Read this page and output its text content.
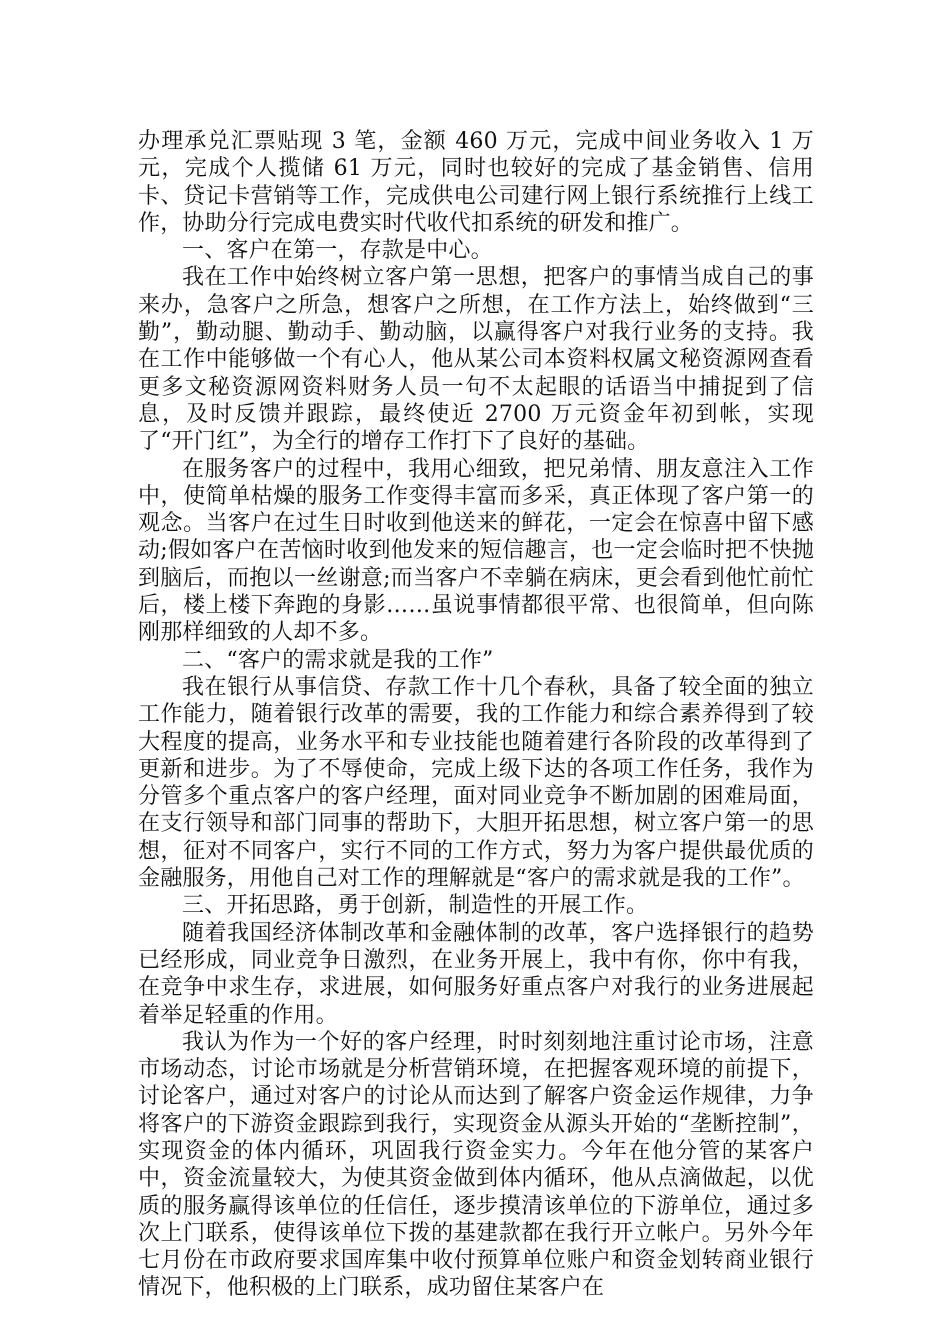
办理承兑汇票贴现 3 笔，金额 460 万元，完成中间业务收入 1 万元，完成个人揽储 61 万元，同时也较好的完成了基金销售、信用卡、贷记卡营销等工作，完成供电公司建行网上银行系统推行上线工作，协助分行完成电费实时代收代扣系统的研发和推广。

一、客户在第一，存款是中心。

我在工作中始终树立客户第一思想，把客户的事情当成自己的事来办，急客户之所急，想客户之所想，在工作方法上，始终做到“三勤”，勤动腿、勤动手、勤动脑，以赢得客户对我行业务的支持。我在工作中能够做一个有心人，他从某公司本资料权属文秘资源网查看更多文秘资源网资料财务人员一句不太起眼的话语当中捕捉到了信息，及时反馈并跟踪，最终使近 2700 万元资金年初到帐，实现了“开门红”，为全行的增存工作打下了良好的基础。

在服务客户的过程中，我用心细致，把兄弟情、朋友意注入工作中，使简单枯燥的服务工作变得丰富而多采，真正体现了客户第一的观念。当客户在过生日时收到他送来的鲜花，一定会在惊喜中留下感动;假如客户在苦恼时收到他发来的短信趣言，也一定会临时把不快抛到脑后，而抱以一丝谢意;而当客户不幸躺在病床，更会看到他忙前忙后，楼上楼下奔跑的身影……虽说事情都很平常、也很简单，但向陈刚那样细致的人却不多。

二、“客户的需求就是我的工作”

我在银行从事信贷、存款工作十几个春秋，具备了较全面的独立工作能力，随着银行改革的需要，我的工作能力和综合素养得到了较大程度的提高，业务水平和专业技能也随着建行各阶段的改革得到了更新和进步。为了不辱使命，完成上级下达的各项工作任务，我作为分管多个重点客户的客户经理，面对同业竞争不断加剧的困难局面，在支行领导和部门同事的帮助下，大胆开拓思想，树立客户第一的思想，征对不同客户，实行不同的工作方式，努力为客户提供最优质的金融服务，用他自己对工作的理解就是“客户的需求就是我的工作”。

三、开拓思路，勇于创新，制造性的开展工作。

随着我国经济体制改革和金融体制的改革，客户选择银行的趋势已经形成，同业竞争日激烈，在业务开展上，我中有你，你中有我，在竞争中求生存，求进展，如何服务好重点客户对我行的业务进展起着举足轻重的作用。

我认为作为一个好的客户经理，时时刻刻地注重讨论市场，注意市场动态，讨论市场就是分析营销环境，在把握客观环境的前提下，讨论客户，通过对客户的讨论从而达到了解客户资金运作规律，力争将客户的下游资金跟踪到我行，实现资金从源头开始的“垄断控制”，实现资金的体内循环，巩固我行资金实力。今年在他分管的某客户中，资金流量较大，为使其资金做到体内循环，他从点滴做起，以优质的服务赢得该单位的任信任，逐步摸清该单位的下游单位，通过多次上门联系，使得该单位下拨的基建款都在我行开立帐户。另外今年七月份在市政府要求国库集中收付预算单位账户和资金划转商业银行情况下，他积极的上门联系，成功留住某客户在
